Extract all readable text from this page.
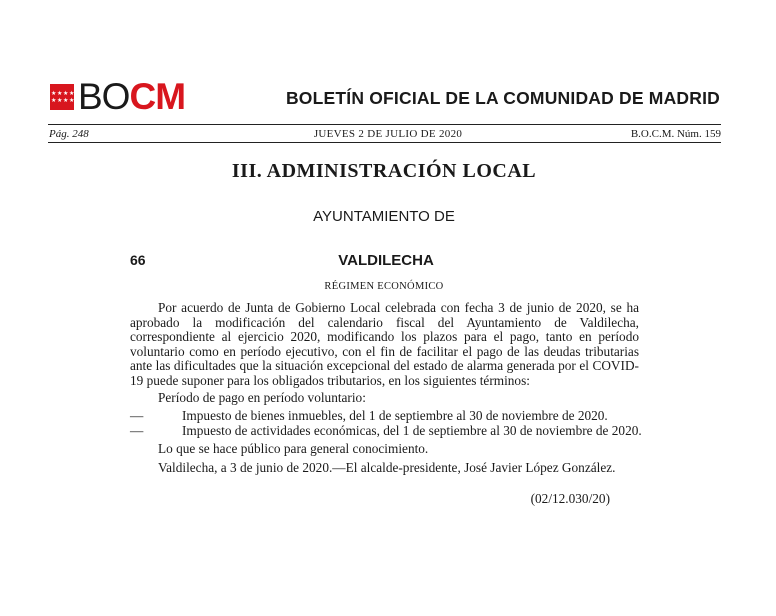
★ ★ ★ ★
★ ★ ★ ★ BOCM	BOLETÍN OFICIAL DE LA COMUNIDAD DE MADRID
Pág. 248	JUEVES 2 DE JULIO DE 2020	B.O.C.M. Núm. 159
III. ADMINISTRACIÓN LOCAL
AYUNTAMIENTO DE
66	VALDILECHA
RÉGIMEN ECONÓMICO

Por acuerdo de Junta de Gobierno Local celebrada con fecha 3 de junio de 2020, se ha aprobado la modificación del calendario fiscal del Ayuntamiento de Valdilecha, correspondiente al ejercicio 2020, modificando los plazos para el pago, tanto en período voluntario como en período ejecutivo, con el fin de facilitar el pago de las deudas tributarias ante las dificultades que la situación excepcional del estado de alarma generada por el COVID-19 puede suponer para los obligados tributarios, en los siguientes términos:

Período de pago en período voluntario:
—	Impuesto de bienes inmuebles, del 1 de septiembre al 30 de noviembre de 2020.
—	Impuesto de actividades económicas, del 1 de septiembre al 30 de noviembre de 2020.
Lo que se hace público para general conocimiento.
Valdilecha, a 3 de junio de 2020.—El alcalde-presidente, José Javier López González.
(02/12.030/20)
